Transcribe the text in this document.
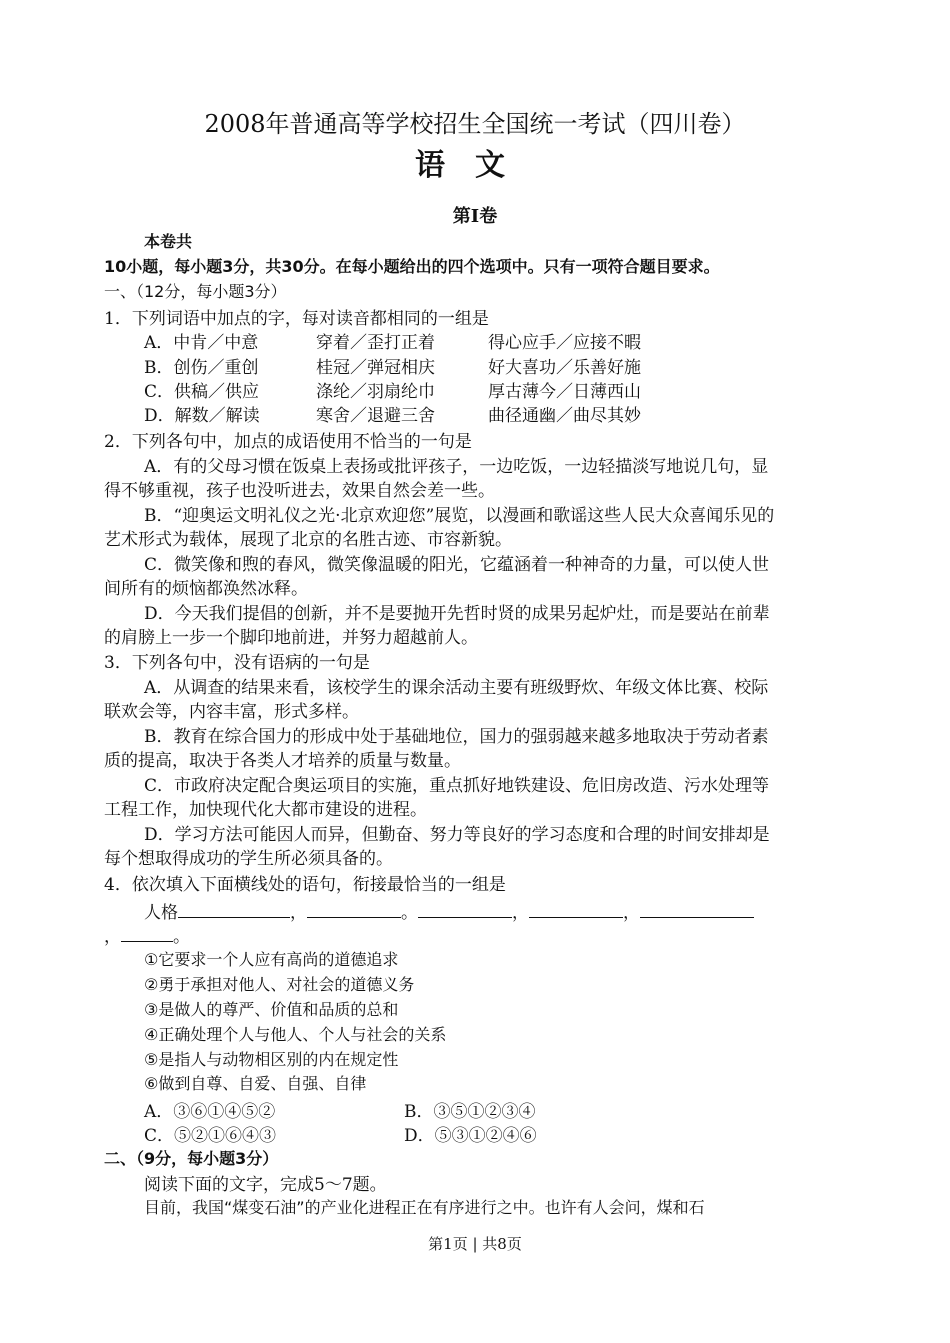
2008年普通高等学校招生全国统一考试（四川卷）
语文
第Ⅰ卷
本卷共
10小题，每小题3分，共30分。在每小题给出的四个选项中。只有一项符合题目要求。
一、（12分，每小题3分）
1．下列词语中加点的字，每对读音都相同的一组是
A．中肯／中意	穿着／歪打正着	得心应手／应接不暇
B．创伤／重创	桂冠／弹冠相庆	好大喜功／乐善好施
C．供稿／供应	涤纶／羽扇纶巾	厚古薄今／日薄西山
D．解数／解读	寒舍／退避三舍	曲径通幽／曲尽其妙
2．下列各句中，加点的成语使用不恰当的一句是
A．有的父母习惯在饭桌上表扬或批评孩子，一边吃饭，一边轻描淡写地说几句，显
得不够重视，孩子也没听进去，效果自然会差一些。
B．“迎奥运文明礼仪之光·北京欢迎您”展览，以漫画和歌谣这些人民大众喜闻乐见的
艺术形式为载体，展现了北京的名胜古迹、市容新貌。
C．微笑像和煦的春风，微笑像温暖的阳光，它蕴涵着一种神奇的力量，可以使人世
间所有的烦恼都涣然冰释。
D．今天我们提倡的创新，并不是要抛开先哲时贤的成果另起炉灶，而是要站在前辈
的肩膀上一步一个脚印地前进，并努力超越前人。
3．下列各句中，没有语病的一句是
A．从调查的结果来看，该校学生的课余活动主要有班级野炊、年级文体比赛、校际
联欢会等，内容丰富，形式多样。
B．教育在综合国力的形成中处于基础地位，国力的强弱越来越多地取决于劳动者素
质的提高，取决于各类人才培养的质量与数量。
C．市政府决定配合奥运项目的实施，重点抓好地铁建设、危旧房改造、污水处理等
工程工作，加快现代化大都市建设的进程。
D．学习方法可能因人而异，但勤奋、努力等良好的学习态度和合理的时间安排却是
每个想取得成功的学生所必须具备的。
4．依次填入下面横线处的语句，衔接最恰当的一组是
人格	，	。	，	，
，	。
①它要求一个人应有高尚的道德追求
②勇于承担对他人、对社会的道德义务
③是做人的尊严、价值和品质的总和
④正确处理个人与他人、个人与社会的关系
⑤是指人与动物相区别的内在规定性
⑥做到自尊、自爱、自强、自律
A．③⑥①④⑤②	B．③⑤①②③④
C．⑤②①⑥④③	D．⑤③①②④⑥
二、（9分，每小题3分）
阅读下面的文字，完成5～7题。
目前，我国“煤变石油”的产业化进程正在有序进行之中。也许有人会问，煤和石
第1页 | 共8页
